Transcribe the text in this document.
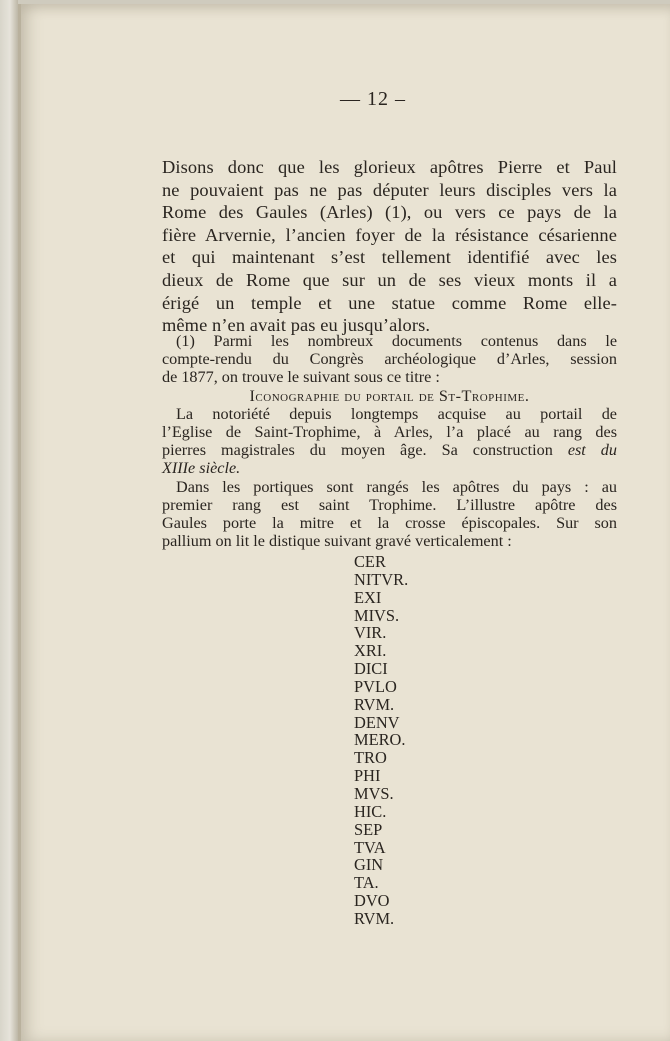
— 12 –
Disons donc que les glorieux apôtres Pierre et Paul
ne pouvaient pas ne pas députer leurs disciples vers la
Rome des Gaules (Arles) (1), ou vers ce pays de la
fière Arvernie, l’ancien foyer de la résistance césarienne
et qui maintenant s’est tellement identifié avec les
dieux de Rome que sur un de ses vieux monts il a
érigé un temple et une statue comme Rome elle-
même n’en avait pas eu jusqu’alors.
(1) Parmi les nombreux documents contenus dans le
compte-rendu du Congrès archéologique d’Arles, session
de 1877, on trouve le suivant sous ce titre :
Iconographie du portail de St-Trophime.
La notoriété depuis longtemps acquise au portail de
l’Eglise de Saint-Trophime, à Arles, l’a placé au rang des
pierres magistrales du moyen âge. Sa construction est du
XIIIe siècle.
Dans les portiques sont rangés les apôtres du pays : au
premier rang est saint Trophime. L’illustre apôtre des
Gaules porte la mitre et la crosse épiscopales. Sur son
pallium on lit le distique suivant gravé verticalement :
CER
NITVR.
EXI
MIVS.
VIR.
XRI.
DICI
PVLO
RVM.
DENV
MERO.
TRO
PHI
MVS.
HIC.
SEP
TVA
GIN
TA.
DVO
RVM.
